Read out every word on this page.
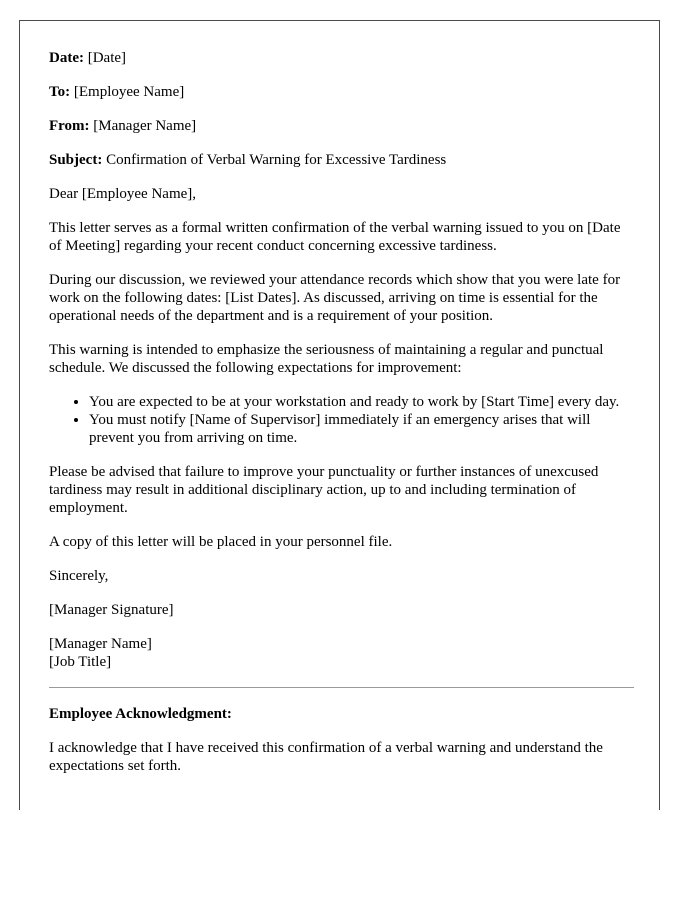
Date: [Date]

To: [Employee Name]

From: [Manager Name]

Subject: Confirmation of Verbal Warning for Excessive Tardiness

Dear [Employee Name],

This letter serves as a formal written confirmation of the verbal warning issued to you on [Date of Meeting] regarding your recent conduct concerning excessive tardiness.

During our discussion, we reviewed your attendance records which show that you were late for work on the following dates: [List Dates]. As discussed, arriving on time is essential for the operational needs of the department and is a requirement of your position.

This warning is intended to emphasize the seriousness of maintaining a regular and punctual schedule. We discussed the following expectations for improvement:

• You are expected to be at your workstation and ready to work by [Start Time] every day.
• You must notify [Name of Supervisor] immediately if an emergency arises that will prevent you from arriving on time.

Please be advised that failure to improve your punctuality or further instances of unexcused tardiness may result in additional disciplinary action, up to and including termination of employment.

A copy of this letter will be placed in your personnel file.

Sincerely,

[Manager Signature]

[Manager Name]
[Job Title]

Employee Acknowledgment:

I acknowledge that I have received this confirmation of a verbal warning and understand the expectations set forth.
